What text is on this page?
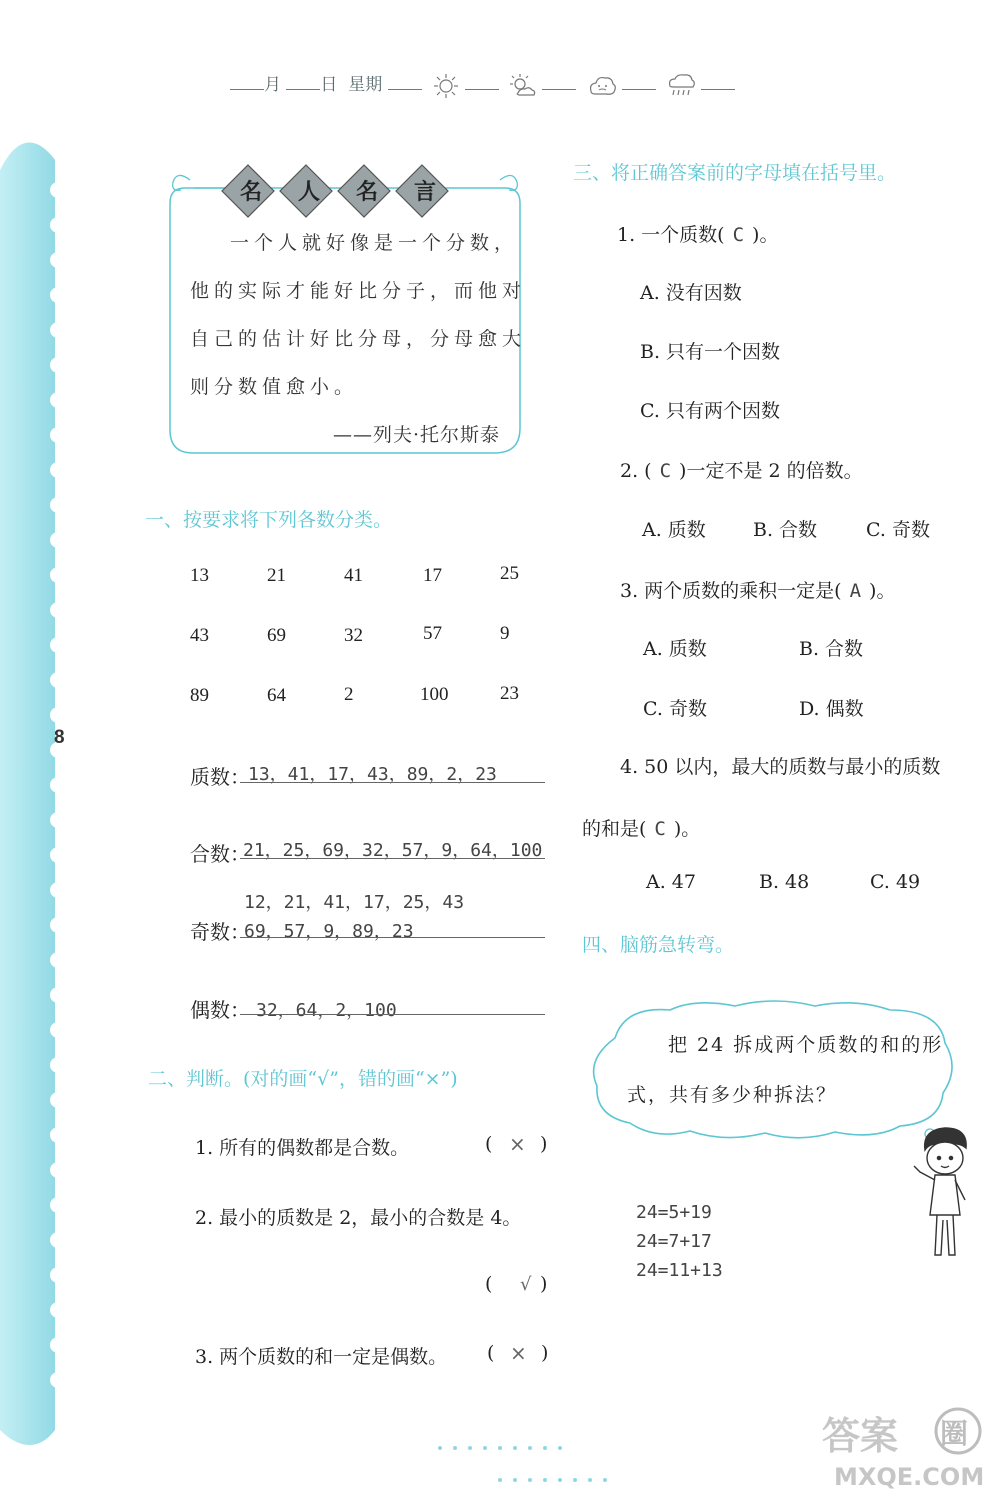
月 日 星期
名 人 名 言
一个人就好像是一个分数，
他的实际才能好比分子，而他对
自己的估计好比分母，分母愈大
则分数值愈小。
——列夫·托尔斯泰
8
一、按要求将下列各数分类。
13	21	41	17	25
43	69	32	57	9
89	64	2	100	23
质数：
13，41，17，43，89，2，23
合数：
21，25，69，32，57，9，64，100
12，21，41，17，25，43
奇数：
69，57，9，89，23
偶数： 32，64，2，100
二、判断。(对的画“√”，错的画“×”)
1. 所有的偶数都是合数。	( × )
2. 最小的质数是 2，最小的合数是 4。
( √ )
3. 两个质数的和一定是偶数。 ( × )
三、将正确答案前的字母填在括号里。
1. 一个质数( C )。
A. 没有因数
B. 只有一个因数
C. 只有两个因数
2. ( C )一定不是 2 的倍数。
A. 质数 B. 合数	C. 奇数
3. 两个质数的乘积一定是( A )。
A. 质数	B. 合数
C. 奇数	D. 偶数
4. 50 以内，最大的质数与最小的质数
的和是( C )。
A. 47	B. 48	C. 49
四、脑筋急转弯。
把 24 拆成两个质数的和的形
式，共有多少种拆法？
24=5+19
24=7+17
24=11+13
答案 圈
MXQE.COM
